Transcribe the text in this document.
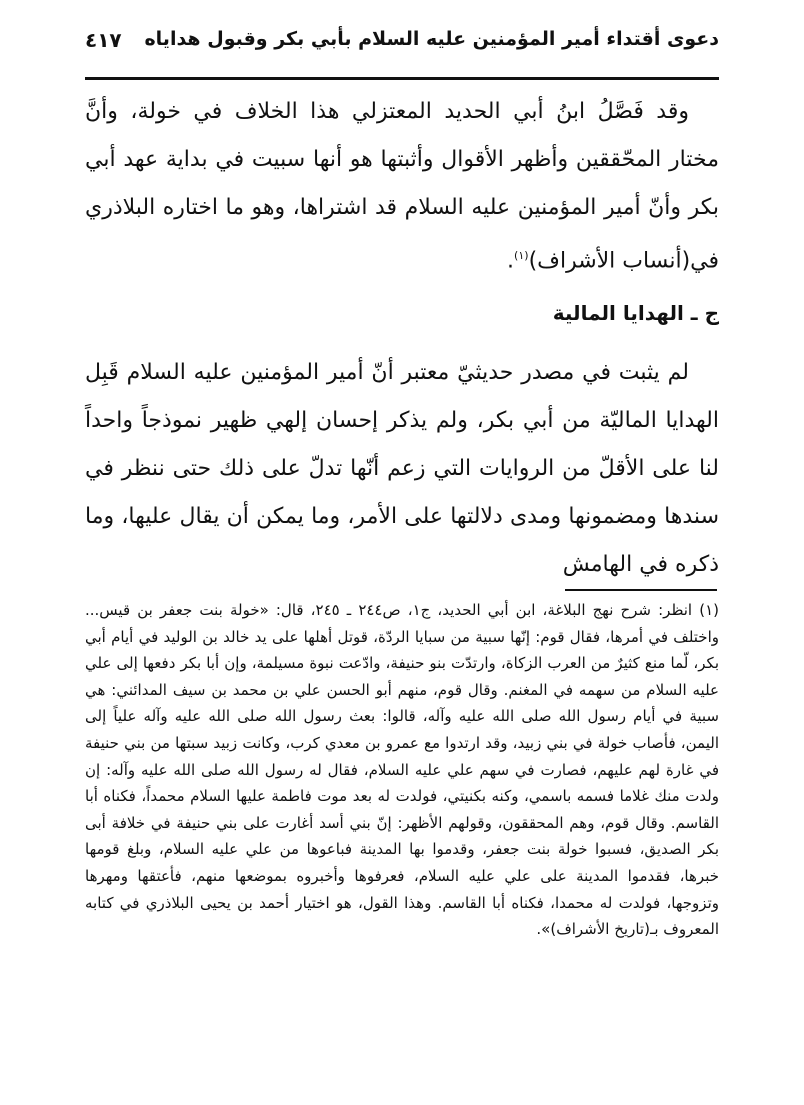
دعوى أقتداء أمير المؤمنين عليه السلام بأبي بكر وقبول هداياه
٤١٧

وقد فَصَّلُ ابنُ أبي الحديد المعتزلي هذا الخلاف في خولة، وأنَّ مختار المحّققين وأظهر الأقوال وأثبتها هو أنها سبيت في بداية عهد أبي بكر وأنّ أمير المؤمنين عليه السلام قد اشتراها، وهو ما اختاره البلاذري في(أنساب الأشراف)$^{(١)}$.

ج ـ الهدايا المالية

لم يثبت في مصدر حديثيّ معتبر أنّ أمير المؤمنين عليه السلام قَبِل الهدايا الماليّة من أبي بكر، ولم يذكر إحسان إلهي ظهير نموذجاً واحداً لنا على الأقلّ من الروايات التي زعم أنّها تدلّ على ذلك حتى ننظر في سندها ومضمونها ومدى دلالتها على الأمر، وما يمكن أن يقال عليها، وما ذكره في الهامش

(١) انظر: شرح نهج البلاغة، ابن أبي الحديد، ج١، ص٢٤٤ ـ ٢٤٥، قال: «خولة بنت جعفر بن قيس... واختلف في أمرها، فقال قوم: إنّها سبية من سبايا الردّة، قوتل أهلها على يد خالد بن الوليد في أيام أبي بكر، لّما منع كثيرٌ من العرب الزكاة، وارتدّت بنو حنيفة، وادّعت نبوة مسيلمة، وإن أبا بكر دفعها إلى علي عليه السلام من سهمه في المغنم. وقال قوم، منهم أبو الحسن علي بن محمد بن سيف المدائني: هي سبية في أيام رسول الله صلى الله عليه وآله، قالوا: بعث رسول الله صلى الله عليه وآله علياً إلى اليمن، فأصاب خولة في بني زبيد، وقد ارتدوا مع عمرو بن معدي كرب، وكانت زبيد سبتها من بني حنيفة في غارة لهم عليهم، فصارت في سهم علي عليه السلام، فقال له رسول الله صلى الله عليه وآله: إن ولدت منك غلاما فسمه باسمي، وكنه بكنيتي، فولدت له بعد موت فاطمة عليها السلام محمداً، فكناه أبا القاسم. وقال قوم، وهم المحققون، وقولهم الأظهر: إنّ بني أسد أغارت على بني حنيفة في خلافة أبى بكر الصديق، فسبوا خولة بنت جعفر، وقدموا بها المدينة فباعوها من علي عليه السلام، وبلغ قومها خبرها، فقدموا المدينة على علي عليه السلام، فعرفوها وأخبروه بموضعها منهم، فأعتقها ومهرها وتزوجها، فولدت له محمدا، فكناه أبا القاسم. وهذا القول، هو اختيار أحمد بن يحيى البلاذري في كتابه المعروف بـ(تاريخ الأشراف)».
